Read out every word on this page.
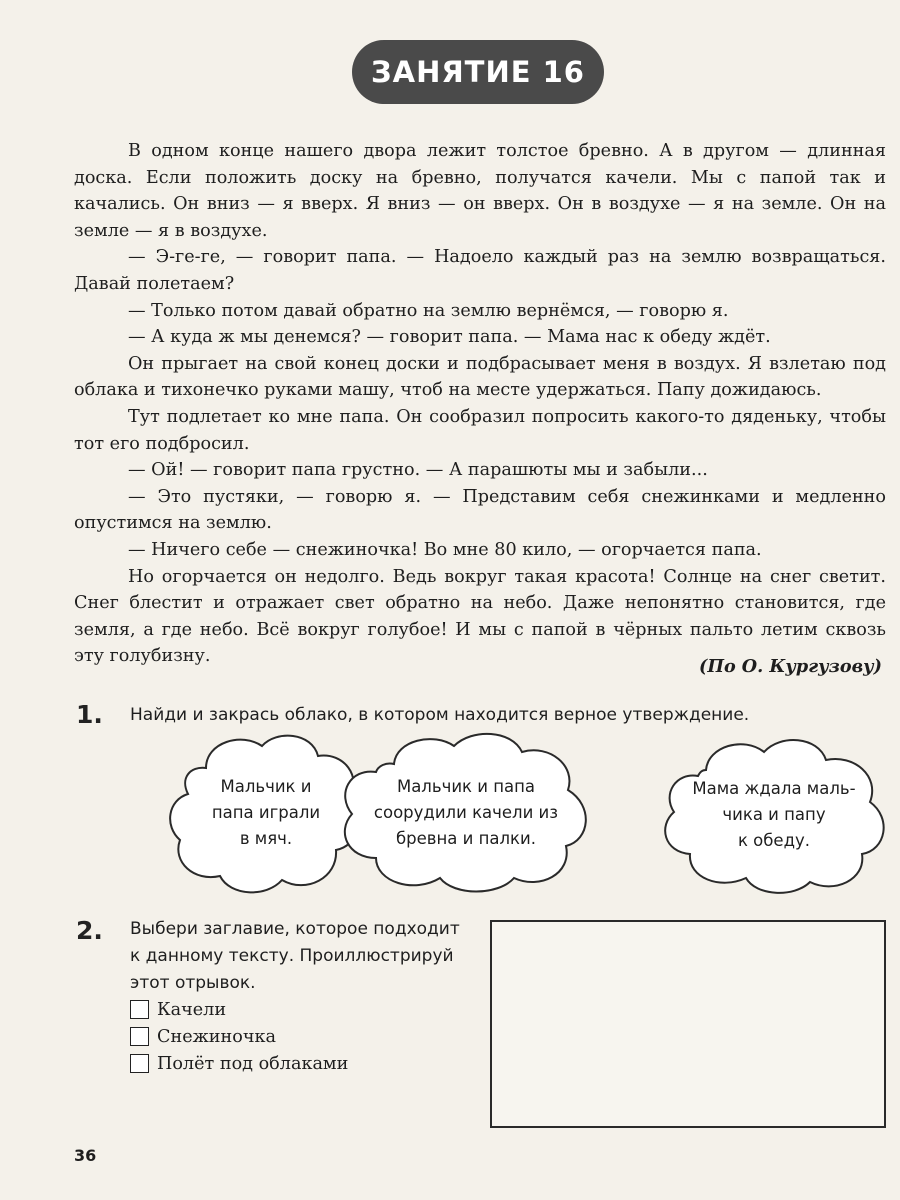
ЗАНЯТИЕ 16

В одном конце нашего двора лежит толстое бревно. А в другом — длинная доска. Если положить доску на бревно, получатся качели. Мы с папой так и качались. Он вниз — я вверх. Я вниз — он вверх. Он в воздухе — я на земле. Он на земле — я в воздухе.

— Э-ге-ге, — говорит папа. — Надоело каждый раз на землю возвращаться. Давай полетаем?

— Только потом давай обратно на землю вернёмся, — говорю я.

— А куда ж мы денемся? — говорит папа. — Мама нас к обеду ждёт.

Он прыгает на свой конец доски и подбрасывает меня в воздух. Я взлетаю под облака и тихонечко руками машу, чтоб на месте удержаться. Папу дожидаюсь.

Тут подлетает ко мне папа. Он сообразил попросить какого-то дяденьку, чтобы тот его подбросил.

— Ой! — говорит папа грустно. — А парашюты мы и забыли...

— Это пустяки, — говорю я. — Представим себя снежинками и медленно опустимся на землю.

— Ничего себе — снежиночка! Во мне 80 кило, — огорчается папа.

Но огорчается он недолго. Ведь вокруг такая красота! Солнце на снег светит. Снег блестит и отражает свет обратно на небо. Даже непонятно становится, где земля, а где небо. Всё вокруг голубое! И мы с папой в чёрных пальто летим сквозь эту голубизну.	(По О. Кургузову)
1. Найди и закрась облако, в котором находится верное утверждение.
Мальчик и
папа играли
в мяч.
Мальчик и папа
соорудили качели из
бревна и палки.
Мама ждала маль-
чика и папу
к обеду.
2. Выбери заглавие, которое подходит
к данному тексту. Проиллюстрируй
этот отрывок.
Качели
Снежиночка
Полёт под облаками
36
